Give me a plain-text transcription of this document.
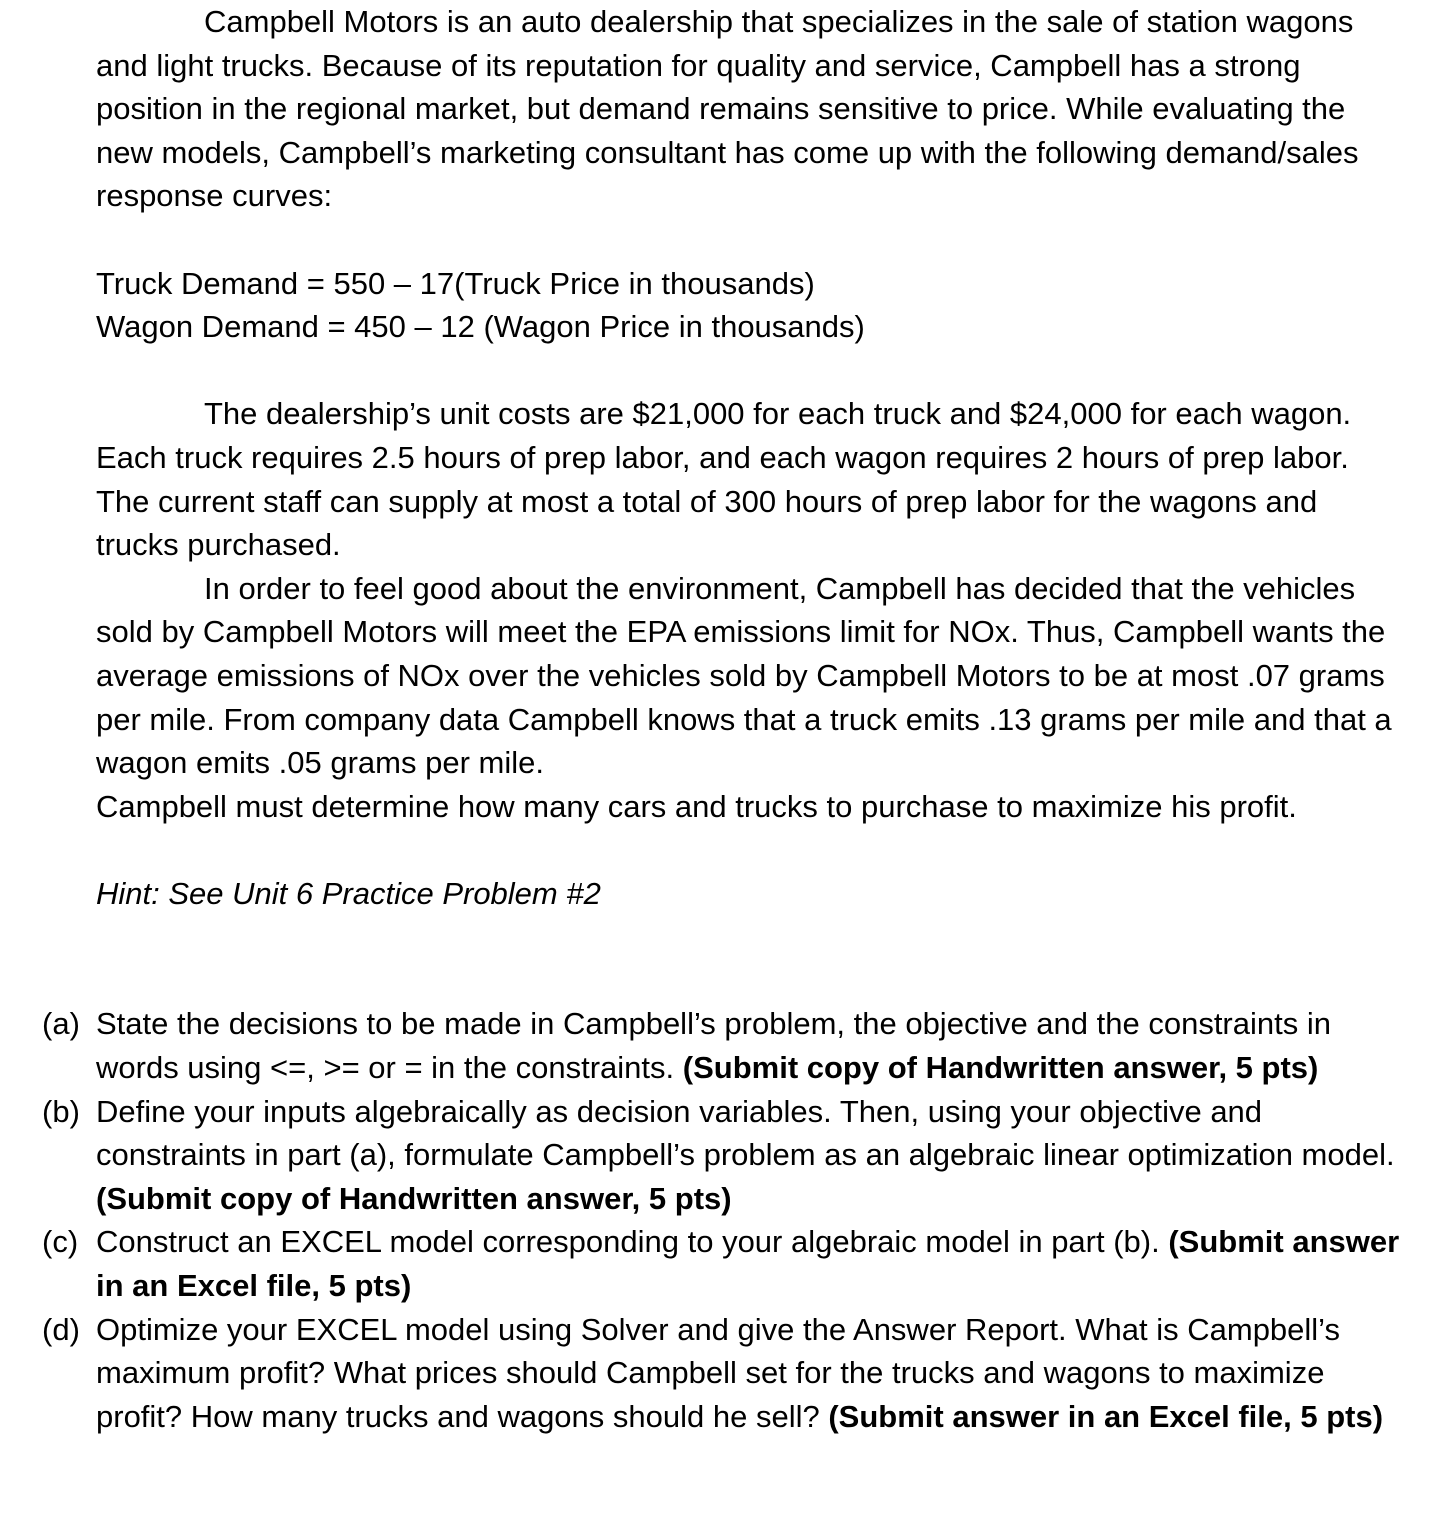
Campbell Motors is an auto dealership that specializes in the sale of station wagons and light trucks. Because of its reputation for quality and service, Campbell has a strong position in the regional market, but demand remains sensitive to price. While evaluating the new models, Campbell’s marketing consultant has come up with the following demand/sales response curves:

Truck Demand = 550 – 17(Truck Price in thousands)

Wagon Demand = 450 – 12 (Wagon Price in thousands)

The dealership’s unit costs are $21,000 for each truck and $24,000 for each wagon. Each truck requires 2.5 hours of prep labor, and each wagon requires 2 hours of prep labor. The current staff can supply at most a total of 300 hours of prep labor for the wagons and trucks purchased.

In order to feel good about the environment, Campbell has decided that the vehicles sold by Campbell Motors will meet the EPA emissions limit for NOx. Thus, Campbell wants the average emissions of NOx over the vehicles sold by Campbell Motors to be at most .07 grams per mile. From company data Campbell knows that a truck emits .13 grams per mile and that a wagon emits .05 grams per mile.

Campbell must determine how many cars and trucks to purchase to maximize his profit.

Hint: See Unit 6 Practice Problem #2

(a) State the decisions to be made in Campbell’s problem, the objective and the constraints in words using <=, >= or = in the constraints. (Submit copy of Handwritten answer, 5 pts)
(b) Define your inputs algebraically as decision variables. Then, using your objective and constraints in part (a), formulate Campbell’s problem as an algebraic linear optimization model. (Submit copy of Handwritten answer, 5 pts)
(c) Construct an EXCEL model corresponding to your algebraic model in part (b). (Submit answer in an Excel file, 5 pts)
(d) Optimize your EXCEL model using Solver and give the Answer Report. What is Campbell’s maximum profit? What prices should Campbell set for the trucks and wagons to maximize profit? How many trucks and wagons should he sell? (Submit answer in an Excel file, 5 pts)
